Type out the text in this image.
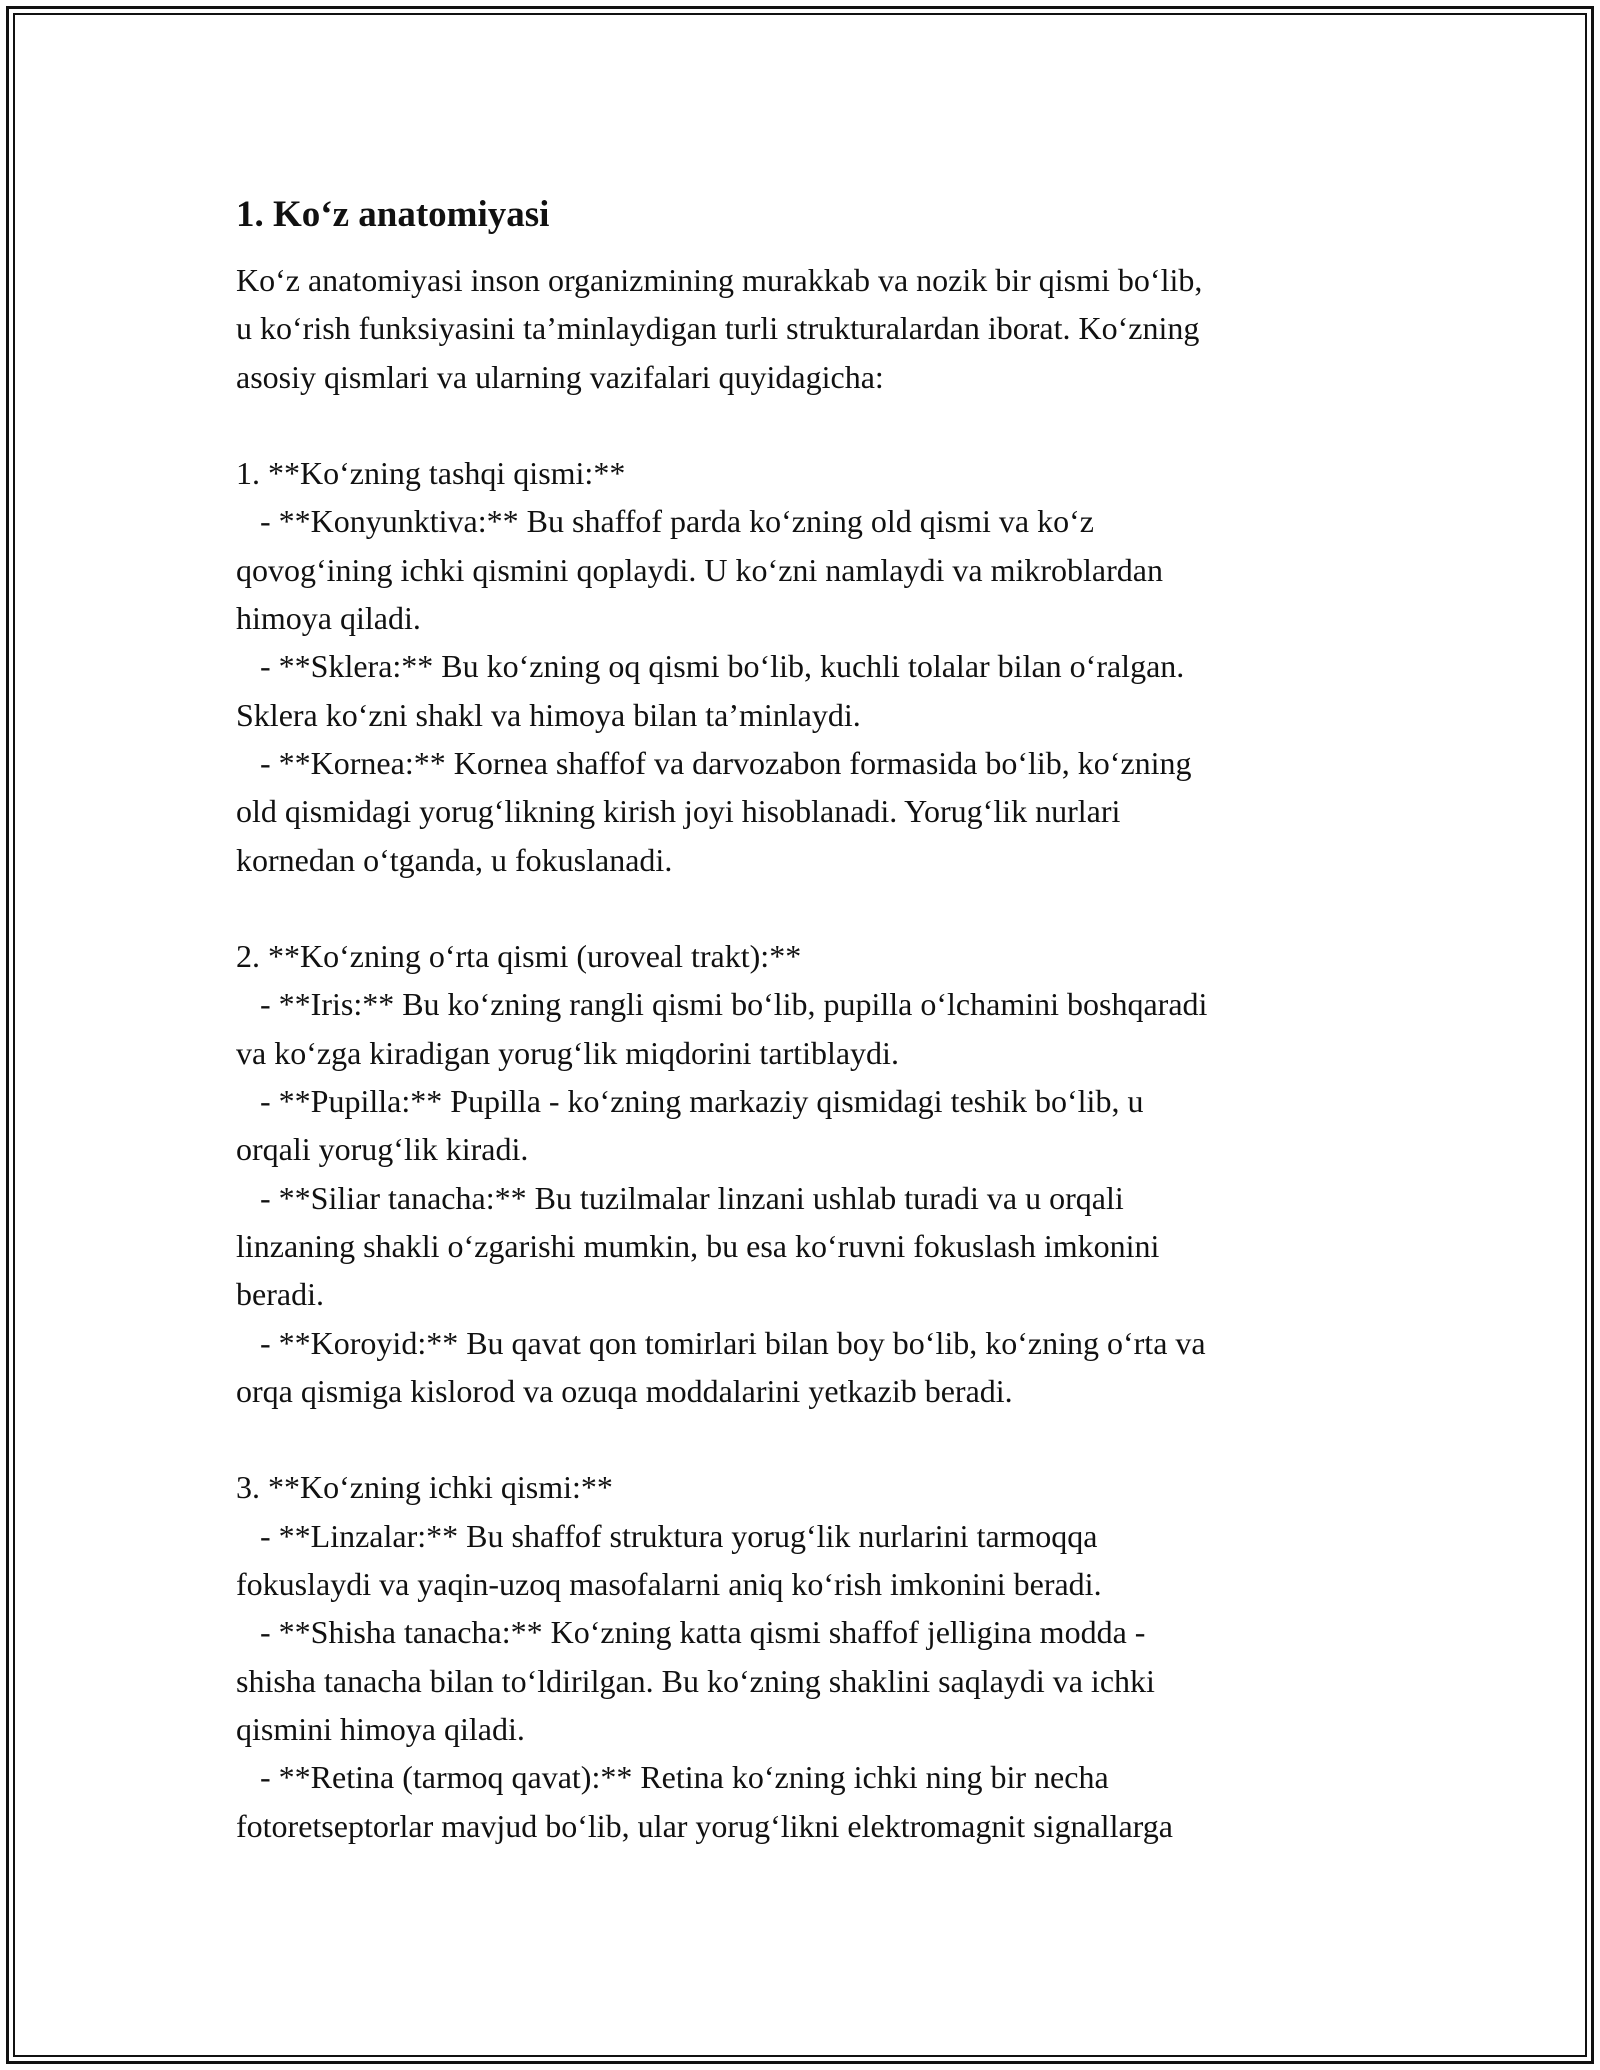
1. Ko‘z anatomiyasi
Ko‘z anatomiyasi inson organizmining murakkab va nozik bir qismi bo‘lib,
u ko‘rish funksiyasini ta’minlaydigan turli strukturalardan iborat. Ko‘zning
asosiy qismlari va ularning vazifalari quyidagicha:
1. **Ko‘zning tashqi qismi:**
- **Konyunktiva:** Bu shaffof parda ko‘zning old qismi va ko‘z
qovog‘ining ichki qismini qoplaydi. U ko‘zni namlaydi va mikroblardan
himoya qiladi.
- **Sklera:** Bu ko‘zning oq qismi bo‘lib, kuchli tolalar bilan o‘ralgan.
Sklera ko‘zni shakl va himoya bilan ta’minlaydi.
- **Kornea:** Kornea shaffof va darvozabon formasida bo‘lib, ko‘zning
old qismidagi yorug‘likning kirish joyi hisoblanadi. Yorug‘lik nurlari
kornedan o‘tganda, u fokuslanadi.
2. **Ko‘zning o‘rta qismi (uroveal trakt):**
- **Iris:** Bu ko‘zning rangli qismi bo‘lib, pupilla o‘lchamini boshqaradi
va ko‘zga kiradigan yorug‘lik miqdorini tartiblaydi.
- **Pupilla:** Pupilla - ko‘zning markaziy qismidagi teshik bo‘lib, u
orqali yorug‘lik kiradi.
- **Siliar tanacha:** Bu tuzilmalar linzani ushlab turadi va u orqali
linzaning shakli o‘zgarishi mumkin, bu esa ko‘ruvni fokuslash imkonini
beradi.
- **Koroyid:** Bu qavat qon tomirlari bilan boy bo‘lib, ko‘zning o‘rta va
orqa qismiga kislorod va ozuqa moddalarini yetkazib beradi.
3. **Ko‘zning ichki qismi:**
- **Linzalar:** Bu shaffof struktura yorug‘lik nurlarini tarmoqqa
fokuslaydi va yaqin-uzoq masofalarni aniq ko‘rish imkonini beradi.
- **Shisha tanacha:** Ko‘zning katta qismi shaffof jelligina modda -
shisha tanacha bilan to‘ldirilgan. Bu ko‘zning shaklini saqlaydi va ichki
qismini himoya qiladi.
- **Retina (tarmoq qavat):** Retina ko‘zning ichki ning bir necha
fotoretseptorlar mavjud bo‘lib, ular yorug‘likni elektromagnit signallarga
